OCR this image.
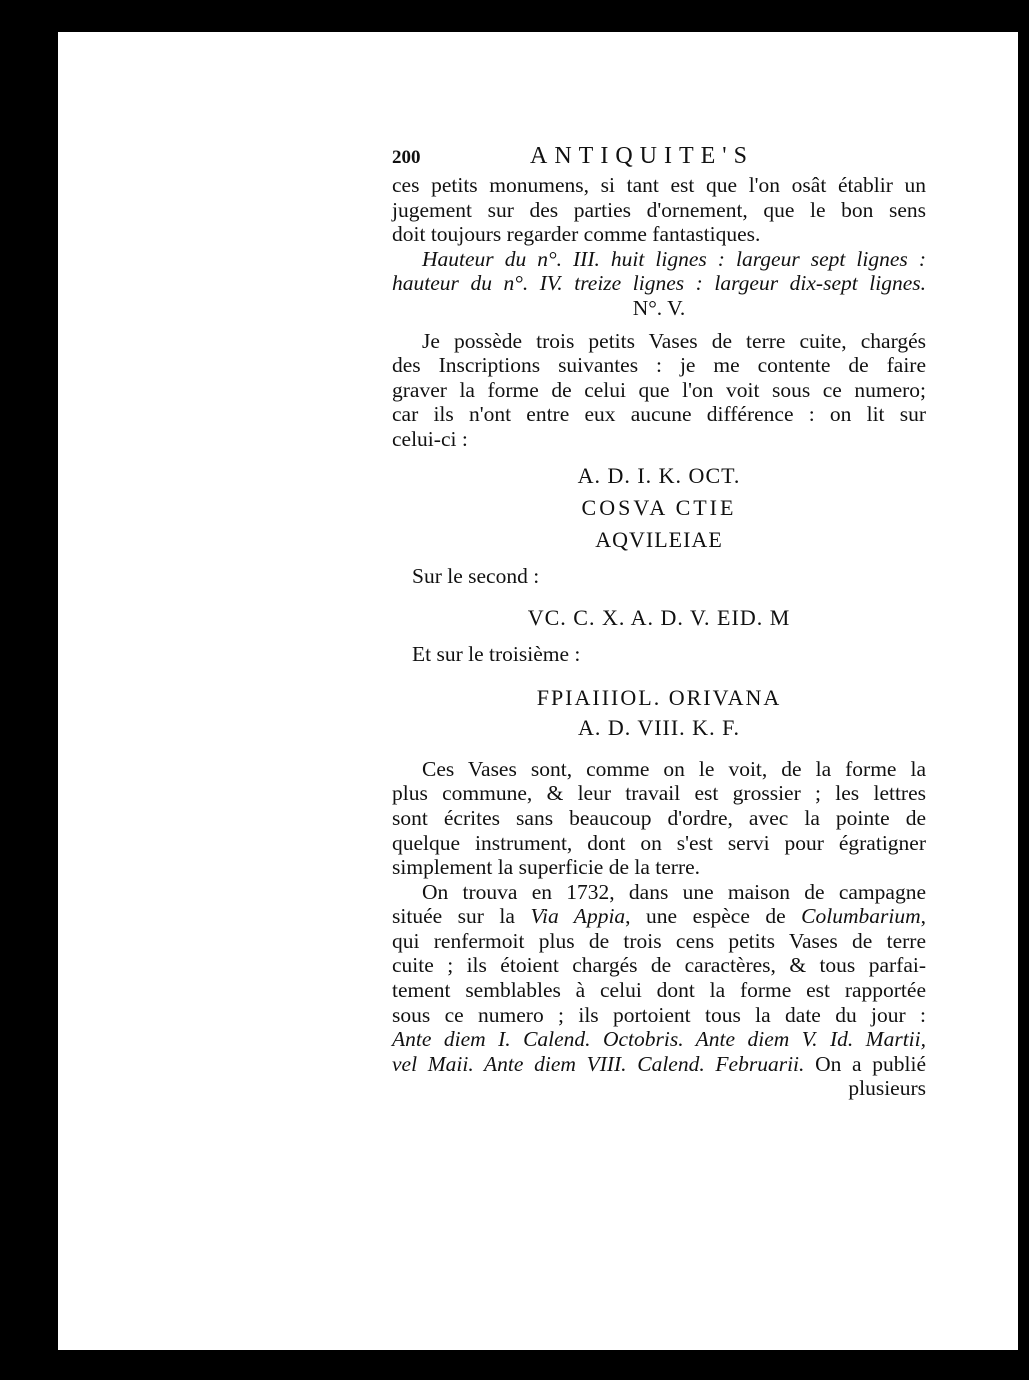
200	ANTIQUITE'S
ces petits monumens, si tant est que l'on osât établir un
jugement sur des parties d'ornement, que le bon sens
doit toujours regarder comme fantastiques.
Hauteur du n°. III. huit lignes : largeur sept lignes :
hauteur du n°. IV. treize lignes : largeur dix-sept lignes.
N°. V.
Je possède trois petits Vases de terre cuite, chargés
des Inscriptions suivantes : je me contente de faire
graver la forme de celui que l'on voit sous ce numero;
car ils n'ont entre eux aucune différence : on lit sur
celui-ci :
A. D. I. K. OCT.
COSVA CTIE
AQVILEIAE
Sur le second :
VC. C. X. A. D. V. EID. M
Et sur le troisième :
FPIAIIIOL. ORIVANA
A. D. VIII. K. F.
Ces Vases sont, comme on le voit, de la forme la
plus commune, & leur travail est grossier ; les lettres
sont écrites sans beaucoup d'ordre, avec la pointe de
quelque instrument, dont on s'est servi pour égratigner
simplement la superficie de la terre.
On trouva en 1732, dans une maison de campagne
située sur la Via Appia, une espèce de Columbarium,
qui renfermoit plus de trois cens petits Vases de terre
cuite ; ils étoient chargés de caractères, & tous parfai-
tement semblables à celui dont la forme est rapportée
sous ce numero ; ils portoient tous la date du jour :
Ante diem I. Calend. Octobris. Ante diem V. Id. Martii,
vel Maii. Ante diem VIII. Calend. Februarii. On a publié
plusieurs
